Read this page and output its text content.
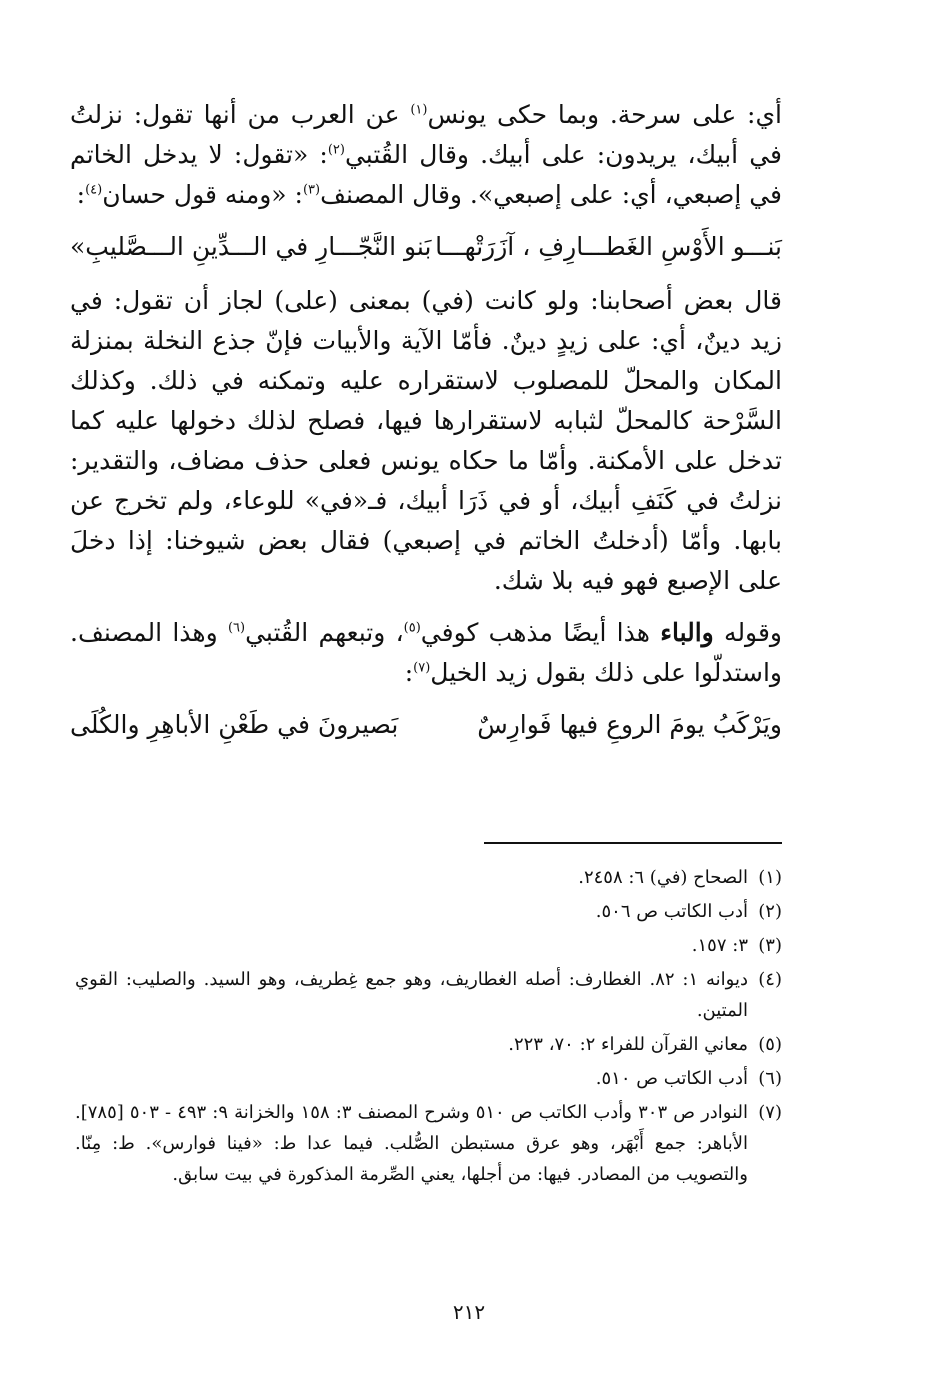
أي: على سرحة. وبما حكى يونس$^{(١)}$ عن العرب من أنها تقول: نزلتُ في أبيك، يريدون: على أبيك. وقال القُتبي$^{(٢)}$: «تقول: لا يدخل الخاتم في إصبعي، أي: على إصبعي». وقال المصنف$^{(٣)}$: «ومنه قول حسان$^{(٤)}$:

بَنـــو الأَوْسِ الغَطـــارِفِ ، آزَرَتْهـــا
بَنو النَّجّـــارِ في الـــدِّينِ الـــصَّليبِ»

قال بعض أصحابنا: ولو كانت (في) بمعنى (على) لجاز أن تقول: في زيد دينٌ، أي: على زيدٍ دينٌ. فأمّا الآية والأبيات فإنّ جذع النخلة بمنزلة المكان والمحلّ للمصلوب لاستقراره عليه وتمكنه في ذلك. وكذلك السَّرْحة كالمحلّ لثبابه لاستقرارها فيها، فصلح لذلك دخولها عليه كما تدخل على الأمكنة. وأمّا ما حكاه يونس فعلى حذف مضاف، والتقدير: نزلتُ في كَنَفِ أبيك، أو في ذَرَا أبيك، فـ«في» للوعاء، ولم تخرج عن بابها. وأمّا (أدخلتُ الخاتم في إصبعي) فقال بعض شيوخنا: إذا دخلَ على الإصبع فهو فيه بلا شك.

وقوله والباء هذا أيضًا مذهب كوفي$^{(٥)}$، وتبعهم القُتبي$^{(٦)}$ وهذا المصنف. واستدلّوا على ذلك بقول زيد الخيل$^{(٧)}$:

ويَرْكَبُ يومَ الروعِ فيها فَوارِسٌ
بَصيرونَ في طَعْنِ الأباهِرِ والكُلَى
(١)
الصحاح (في) ٦: ٢٤٥٨.
(٢)
أدب الكاتب ص ٥٠٦.
(٣)
٣: ١٥٧.
(٤)
ديوانه ١: ٨٢. الغطارف: أصله الغطاريف، وهو جمع غِطريف، وهو السيد. والصليب: القوي المتين.
(٥)
معاني القرآن للفراء ٢: ٧٠، ٢٢٣.
(٦)
أدب الكاتب ص ٥١٠.
(٧)
النوادر ص ٣٠٣ وأدب الكاتب ص ٥١٠ وشرح المصنف ٣: ١٥٨ والخزانة ٩: ٤٩٣ - ٥٠٣ [٧٨٥]. الأباهر: جمع أَبْهَر، وهو عرق مستبطن الصُّلب. فيما عدا ط: «فينا فوارس». ط: مِنّا. والتصويب من المصادر. فيها: من أجلها، يعني الصِّرمة المذكورة في بيت سابق.
٢١٢
